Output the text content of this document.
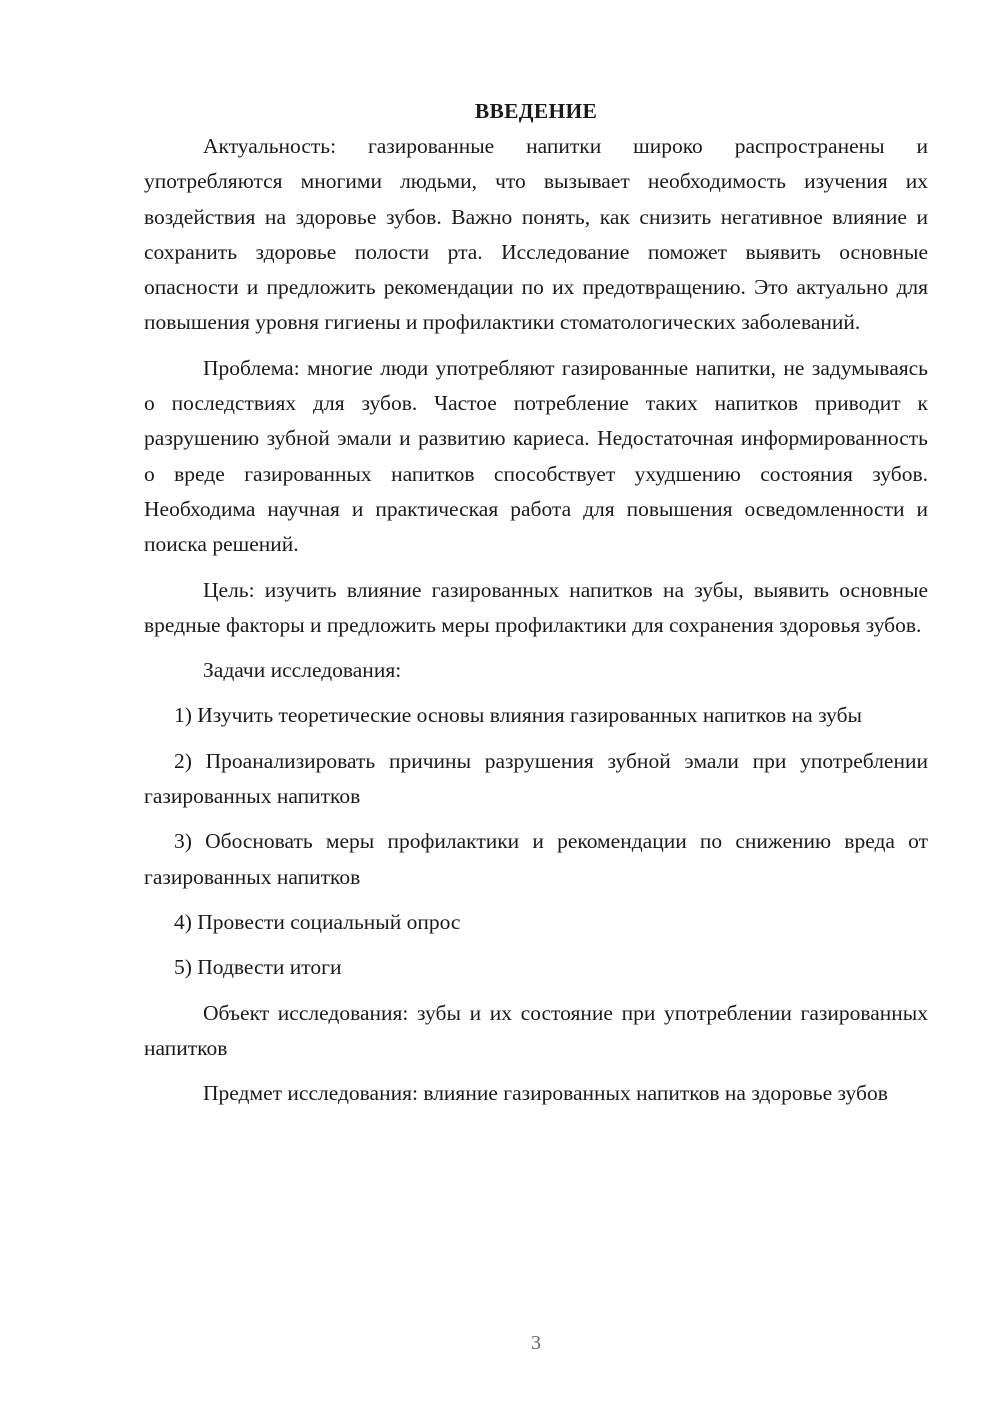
ВВЕДЕНИЕ

Актуальность: газированные напитки широко распространены и употребляются многими людьми, что вызывает необходимость изучения их воздействия на здоровье зубов. Важно понять, как снизить негативное влияние и сохранить здоровье полости рта. Исследование поможет выявить основные опасности и предложить рекомендации по их предотвращению. Это актуально для повышения уровня гигиены и профилактики стоматологических заболеваний.

Проблема: многие люди употребляют газированные напитки, не задумываясь о последствиях для зубов. Частое потребление таких напитков приводит к разрушению зубной эмали и развитию кариеса. Недостаточная информированность о вреде газированных напитков способствует ухудшению состояния зубов. Необходима научная и практическая работа для повышения осведомленности и поиска решений.

Цель: изучить влияние газированных напитков на зубы, выявить основные вредные факторы и предложить меры профилактики для сохранения здоровья зубов.

Задачи исследования:

1) Изучить теоретические основы влияния газированных напитков на зубы

2) Проанализировать причины разрушения зубной эмали при употреблении газированных напитков

3) Обосновать меры профилактики и рекомендации по снижению вреда от газированных напитков

4) Провести социальный опрос

5) Подвести итоги

Объект исследования: зубы и их состояние при употреблении газированных напитков

Предмет исследования: влияние газированных напитков на здоровье зубов

3
